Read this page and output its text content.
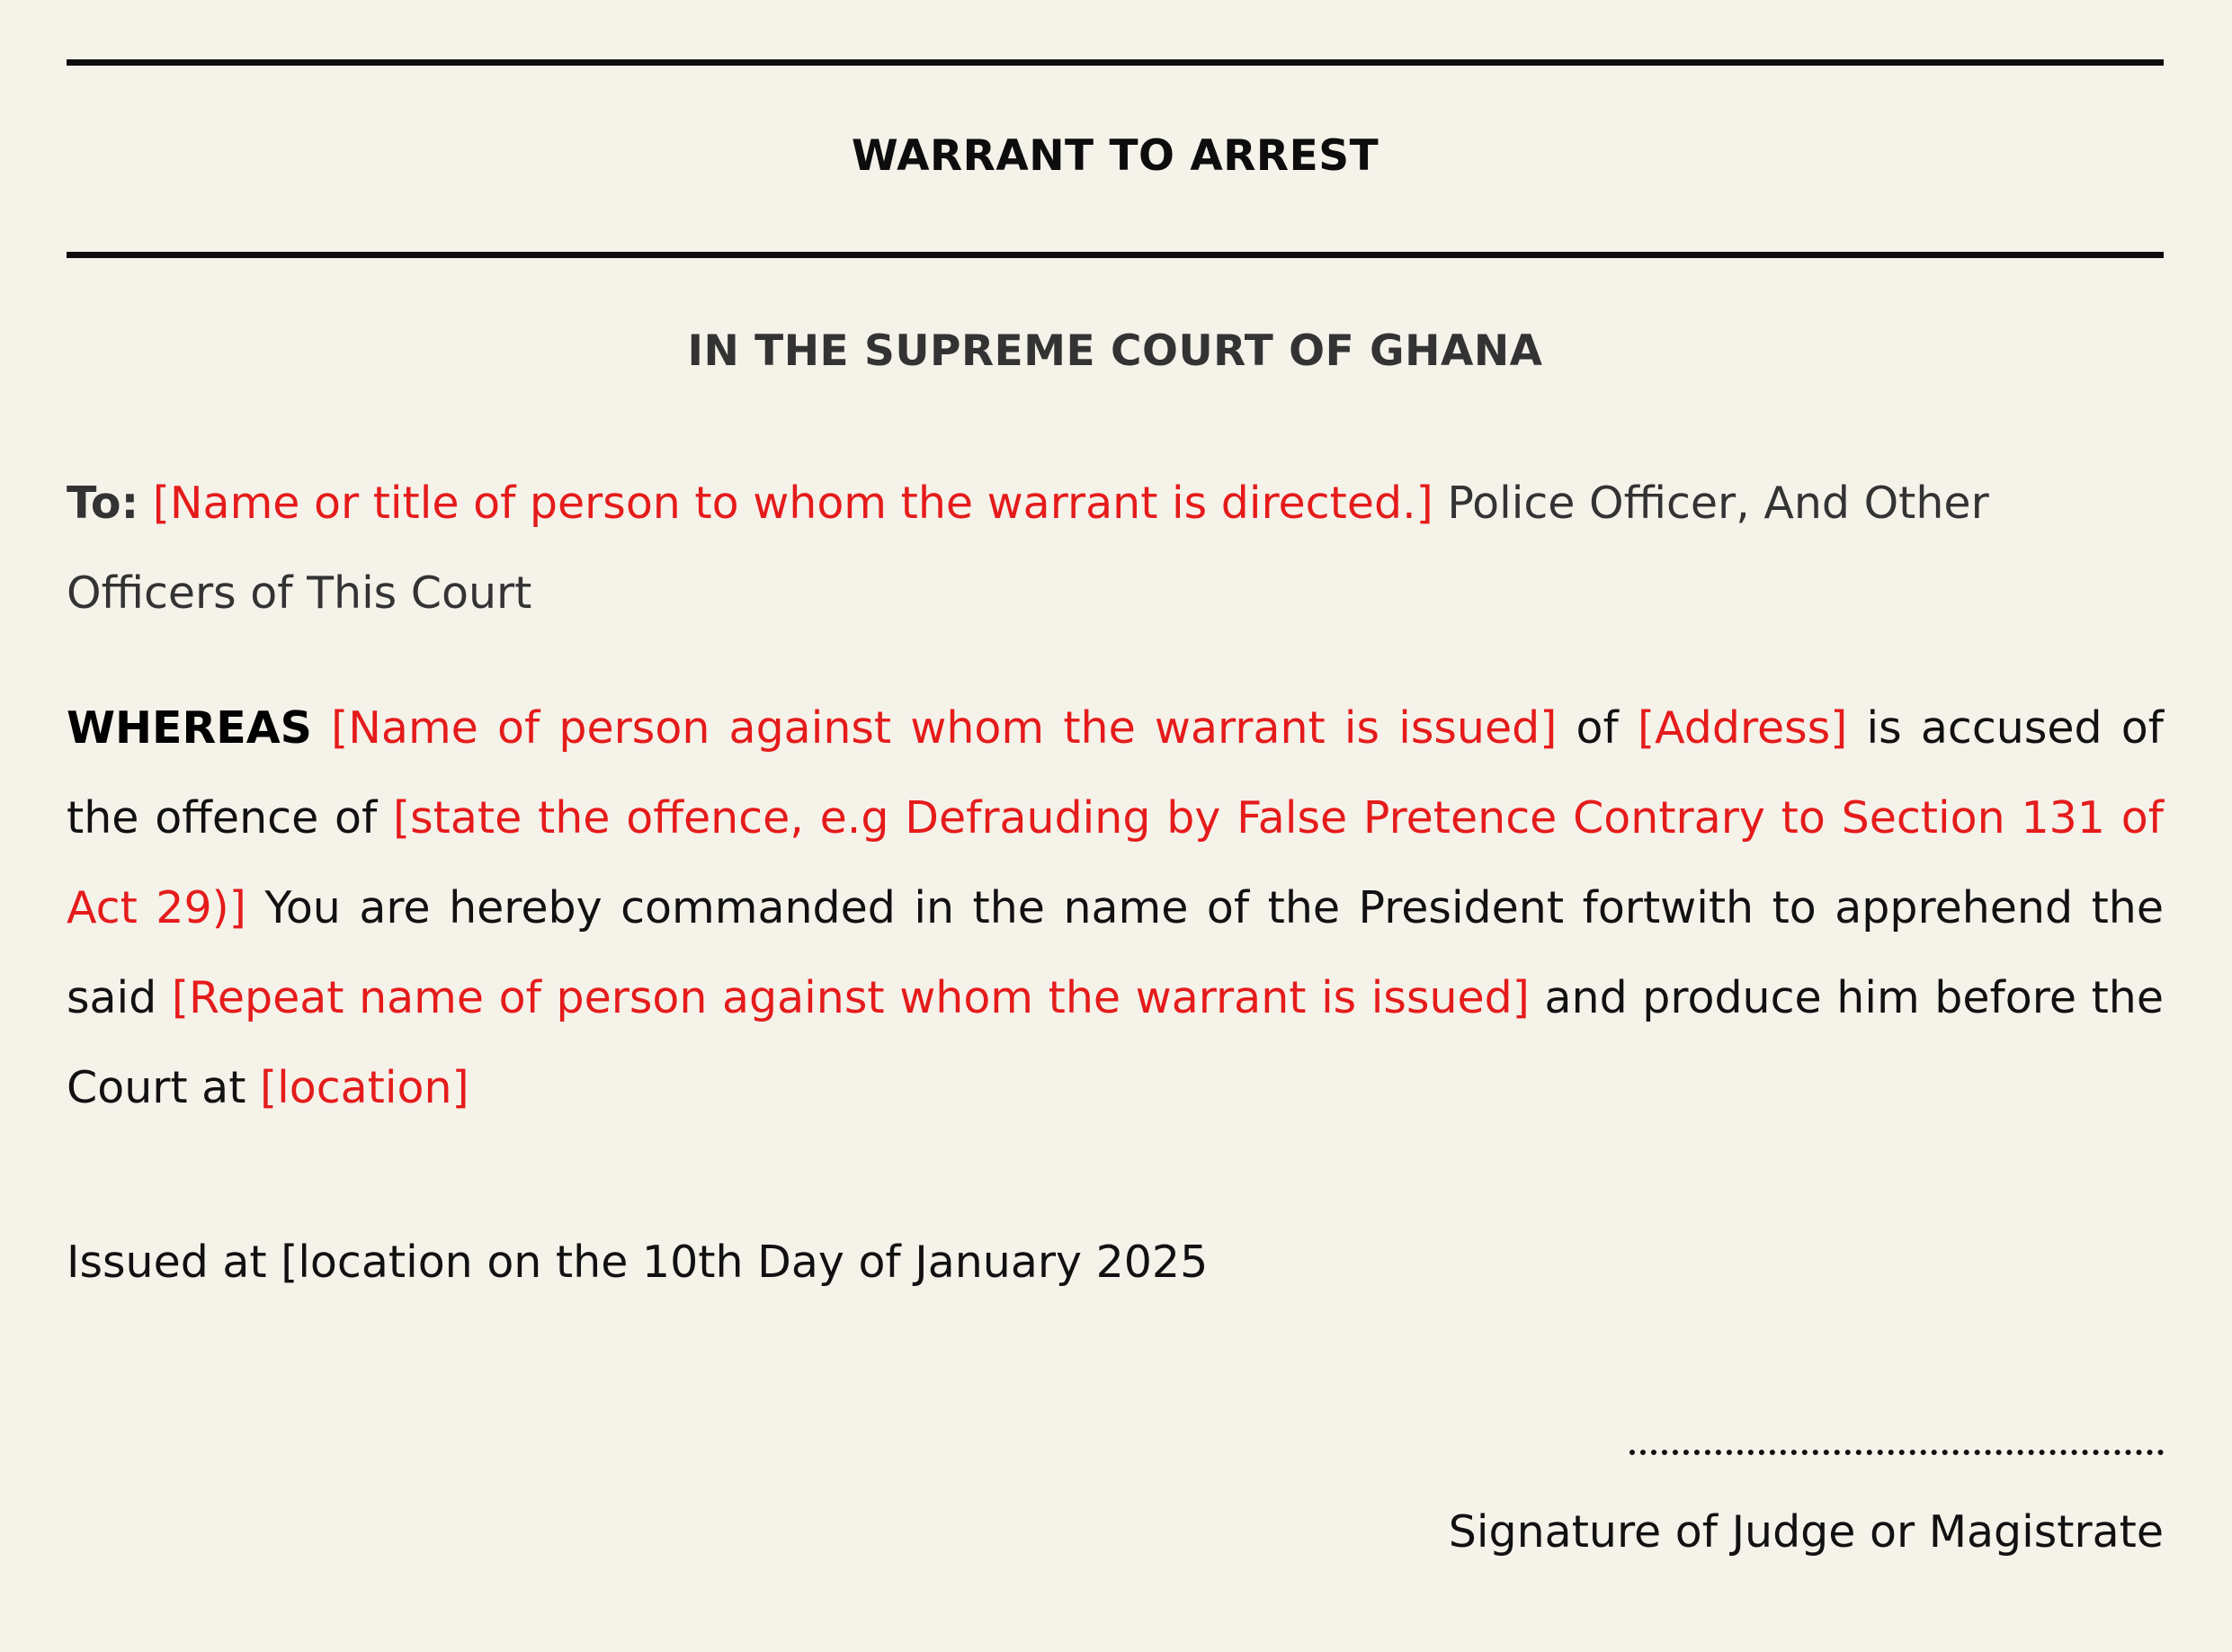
WARRANT TO ARREST
IN THE SUPREME COURT OF GHANA
To: [Name or title of person to whom the warrant is directed.] Police Officer, And Other Officers of This Court
WHEREAS [Name of person against whom the warrant is issued] of [Address] is accused of the offence of [state the offence, e.g Defrauding by False Pretence Contrary to Section 131 of Act 29)] You are hereby commanded in the name of the President fortwith to apprehend the said [Repeat name of person against whom the warrant is issued] and produce him before the Court at [location]
Issued at [location on the 10th Day of January 2025
Signature of Judge or Magistrate
